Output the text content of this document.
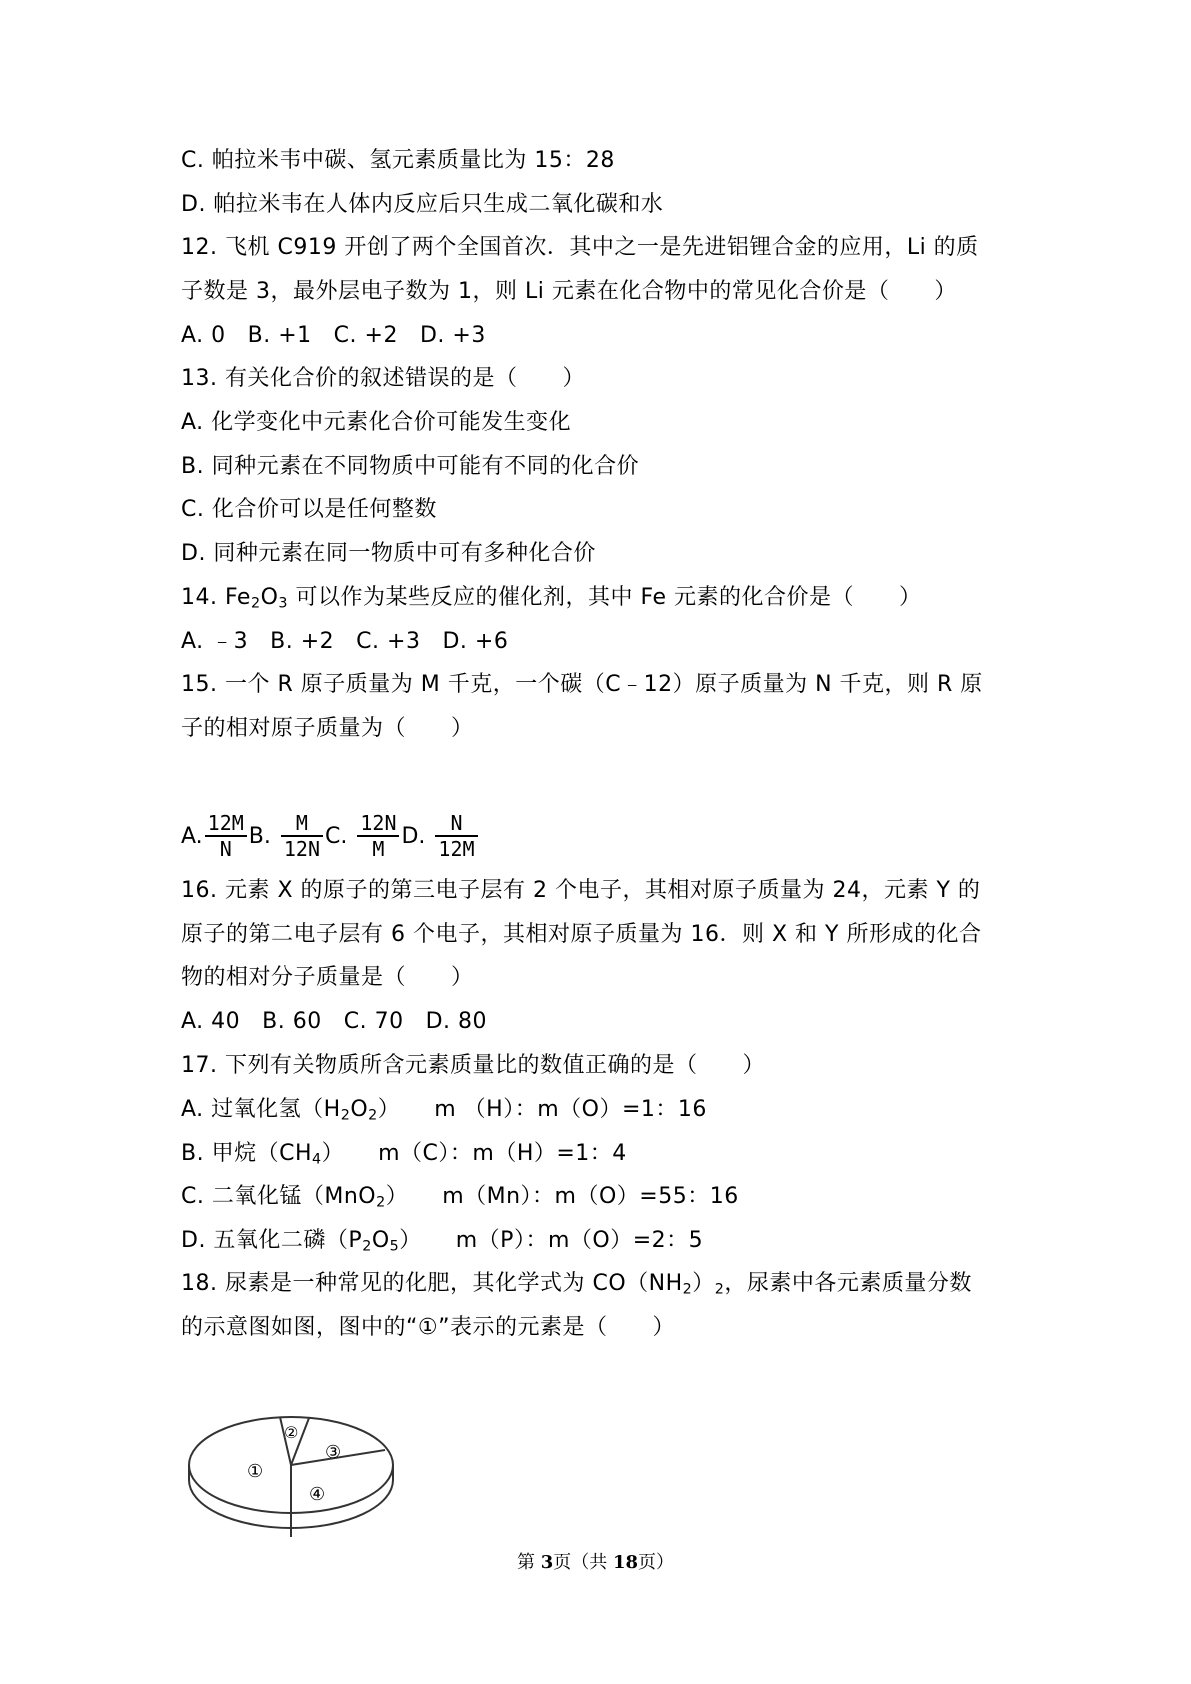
C. 帕拉米韦中碳、氢元素质量比为 15：28
D. 帕拉米韦在人体内反应后只生成二氧化碳和水
12. 飞机 C919 开创了两个全国首次．其中之一是先进铝锂合金的应用，Li 的质
子数是 3，最外层电子数为 1，则 Li 元素在化合物中的常见化合价是（　　）
A. 0 B. +1 C. +2 D. +3
13. 有关化合价的叙述错误的是（　　）
A. 化学变化中元素化合价可能发生变化
B. 同种元素在不同物质中可能有不同的化合价
C. 化合价可以是任何整数
D. 同种元素在同一物质中可有多种化合价
14. $Fe_2O_3$ 可以作为某些反应的催化剂，其中 Fe 元素的化合价是（　　）
A. ﹣3 B. +2 C. +3 D. +6
15. 一个 R 原子质量为 M 千克，一个碳（C﹣12）原子质量为 N 千克，则 R 原
子的相对原子质量为（　　）
A. $\frac{12M}{N} B$. $\frac{M}{12N} C$. $\frac{12N}{M} D$. $\frac{N}{12M}$
16. 元素 X 的原子的第三电子层有 2 个电子，其相对原子质量为 24，元素 Y 的
原子的第二电子层有 6 个电子，其相对原子质量为 16．则 X 和 Y 所形成的化合
物的相对分子质量是（　　）
A. 40 B. 60 C. 70 D. 80
17. 下列有关物质所含元素质量比的数值正确的是（　　）
A. 过氧化氢$(H_2O_2)$　　m （H）：m（O）=1：16
B. 甲烷$(CH_4)$　　m（C）：m（H）=1：4
C. 二氧化锰（MnO$_2$）　　m（Mn）：m（O）=55：16
D. 五氧化二磷$(P_2O_5)$　　m（P）：m（O）=2：5
18. 尿素是一种常见的化肥，其化学式为 $CO(NH_2)_2$，尿素中各元素质量分数
的示意图如图，图中的“①”表示的元素是（　　）
①
②
③
④
第 3页（共 18页）
